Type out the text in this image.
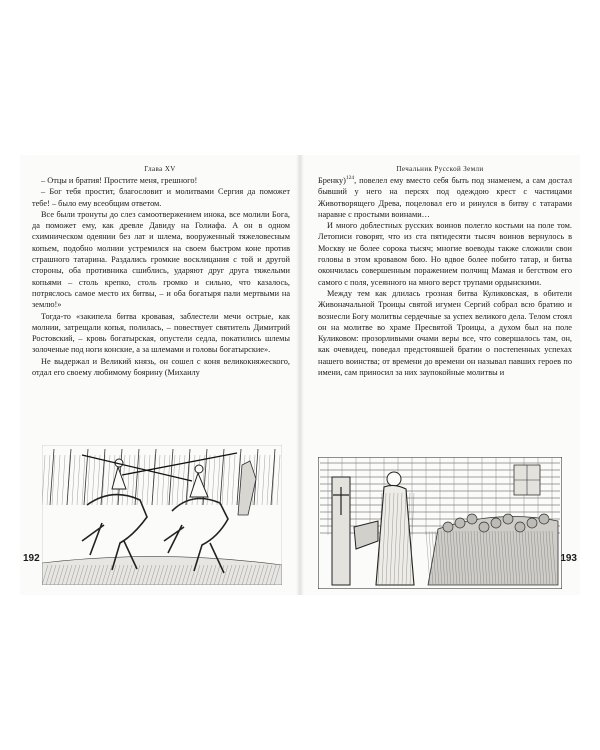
Глава XV

– Отцы и братия! Простите меня, грешного!

– Бог тебя простит, благословит и молитвами Сергия да поможет тебе! – было ему всеобщим ответом.

Все были тронуты до слез самоотвержением инока, все молили Бога, да поможет ему, как древле Давиду на Голиафа. А он в одном схимническом одеянии без лат и шлема, вооруженный тяжеловесным копьем, подобно молнии устремился на своем быстром коне против страшного татарина. Раздались громкие восклицания с той и другой стороны, оба противника сшиблись, ударяют друг друга тяжелыми копьями – столь крепко, столь громко и сильно, что казалось, потряслось самое место их битвы, – и оба богатыря пали мертвыми на землю!»

Тогда-то «закипела битва кровавая, заблестели мечи острые, как молнии, затрещали копья, полилась, – повествует святитель Димитрий Ростовский, – кровь богатырская, опустели седла, покатились шлемы золоченые под ноги конские, а за шлемами и головы богатырские».

Не выдержал и Великий князь, он сошел с коня великокняжеского, отдал его своему любимому боярину (Михаилу

192
Печальник Русской Земли

Бренку)$^{124}$, повелел ему вместо себя быть под знаменем, а сам достал бывший у него на персях под одеждою крест с частицами Животворящего Древа, поцеловал его и ринулся в битву с татарами наравне с простыми воинами…

И много доблестных русских воинов полегло костьми на поле том. Летописи говорят, что из ста пятидесяти тысяч воинов вернулось в Москву не более сорока тысяч; многие воеводы также сложили свои головы в этом кровавом бою. Но вдвое более побито татар, и битва окончилась совершенным поражением полчищ Мамая и бегством его самого с поля, усеянного на много верст трупами ордынскими.

Между тем как длилась грозная битва Куликовская, в обители Живоначальной Троицы святой игумен Сергий собрал всю братию и вознесли Богу молитвы сердечные за успех великого дела. Телом стоял он на молитве во храме Пресвятой Троицы, а духом был на поле Куликовом: прозорливыми очами веры все, что совершалось там, он, как очевидец, поведал предстоявшей братии о постепенных успехах нашего воинства; от времени до времени он называл павших героев по имени, сам приносил за них заупокойные молитвы и

193
